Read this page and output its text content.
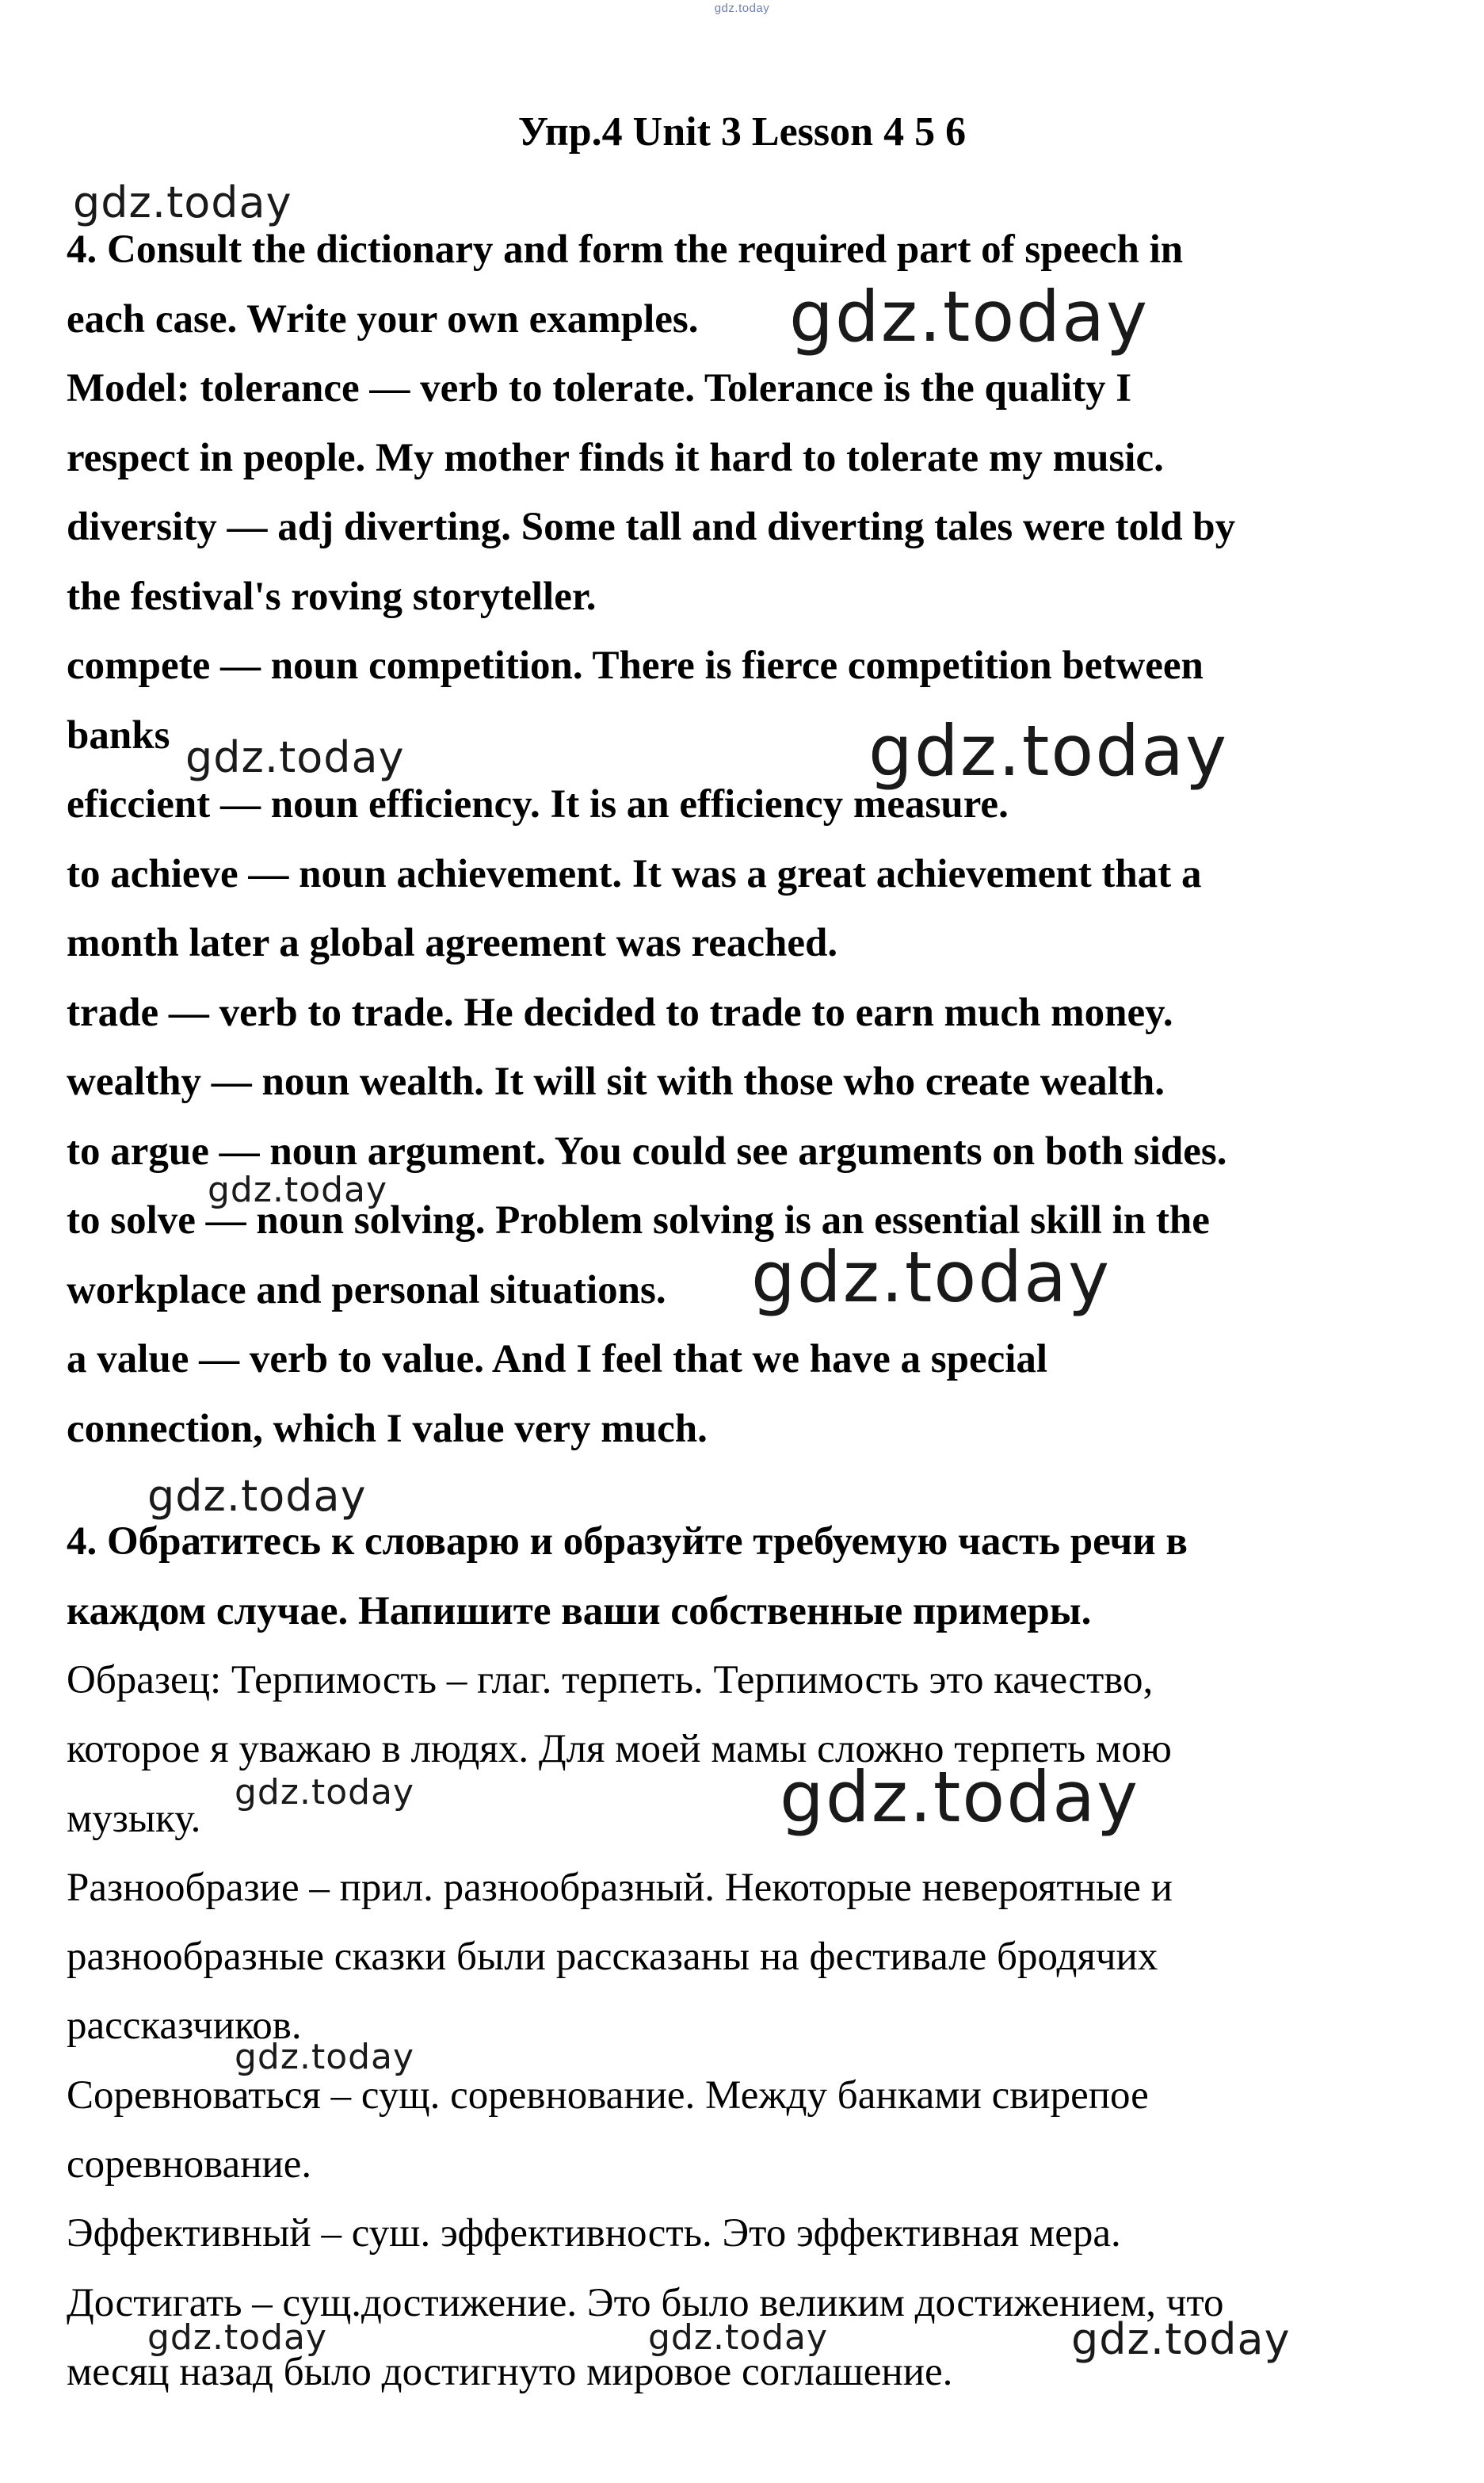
gdz.today
Упр.4 Unit 3 Lesson 4 5 6

4. Consult the dictionary and form the required part of speech in

each case. Write your own examples.

Model: tolerance — verb to tolerate. Tolerance is the quality I

respect in people. My mother finds it hard to tolerate my music.

diversity — adj diverting. Some tall and diverting tales were told by

the festival's roving storyteller.

compete — noun competition. There is fierce competition between

banks

eficcient — noun efficiency. It is an efficiency measure.

to achieve — noun achievement. It was a great achievement that a

month later a global agreement was reached.

trade — verb to trade. He decided to trade to earn much money.

wealthy — noun wealth. It will sit with those who create wealth.

to argue — noun argument. You could see arguments on both sides.

to solve — noun solving. Problem solving is an essential skill in the

workplace and personal situations.

a value — verb to value. And I feel that we have a special

connection, which I value very much.

4. Обратитесь к словарю и образуйте требуемую часть речи в

каждом случае. Напишите ваши собственные примеры.

Образец: Терпимость – глаг. терпеть. Терпимость это качество,

которое я уважаю в людях. Для моей мамы сложно терпеть мою

музыку.

Разнообразие – прил. разнообразный. Некоторые невероятные и

разнообразные сказки были рассказаны на фестивале бродячих

рассказчиков.

Соревноваться – сущ. соревнование. Между банками свирепое

соревнование.

Эффективный – суш. эффективность. Это эффективная мера.

Достигать – сущ.достижение. Это было великим достижением, что

месяц назад было достигнуто мировое соглашение.

gdz.today
gdz.today
gdz.today	gdz.today
gdz.today
gdz.today
gdz.today
gdz.today	gdz.today
gdz.today
gdz.today	gdz.today	gdz.today
